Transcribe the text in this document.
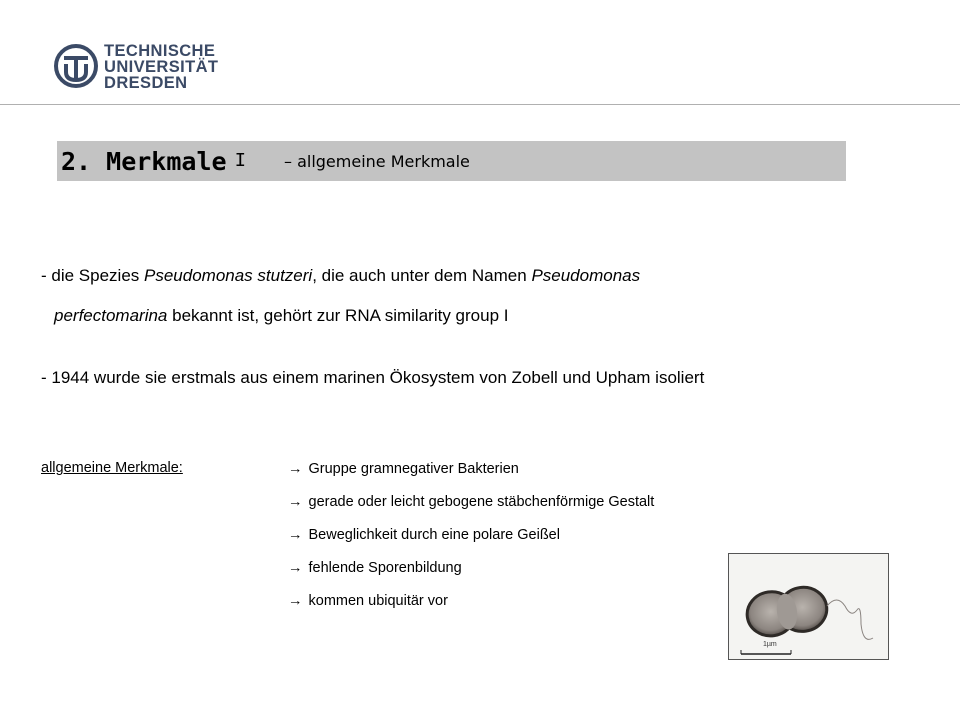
TECHNISCHE
UNIVERSITÄT
DRESDEN
2. Merkmale I – allgemeine Merkmale
- die Spezies Pseudomonas stutzeri, die auch unter dem Namen Pseudomonas
perfectomarina bekannt ist, gehört zur RNA similarity group I
- 1944 wurde sie erstmals aus einem marinen Ökosystem von Zobell und Upham isoliert
allgemeine Merkmale:	→ Gruppe gramnegativer Bakterien
→ gerade oder leicht gebogene stäbchenförmige Gestalt
→ Beweglichkeit durch eine polare Geißel
→ fehlende Sporenbildung
→ kommen ubiquitär vor
1µm
